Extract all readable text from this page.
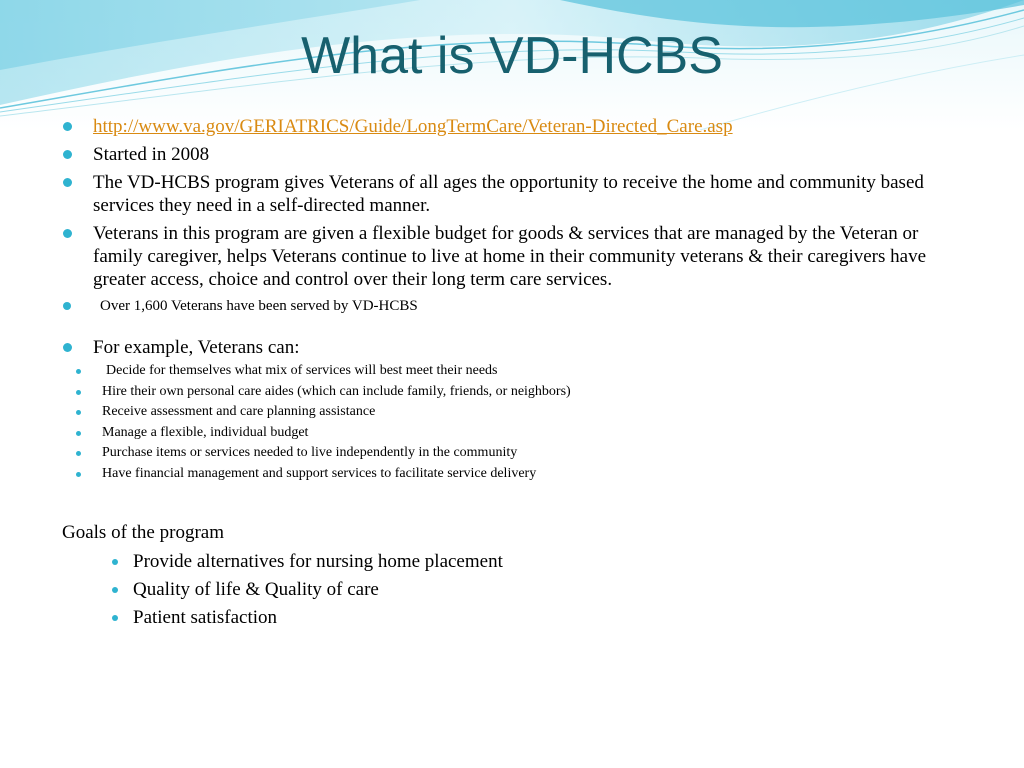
What is VD-HCBS
http://www.va.gov/GERIATRICS/Guide/LongTermCare/Veteran-Directed_Care.asp
Started in 2008
The VD-HCBS program gives Veterans of all ages the opportunity to receive the home and community based services they need in a self-directed manner.
Veterans in this program are given a flexible budget for goods & services that are managed by the Veteran or family caregiver, helps Veterans continue to live at home in their community veterans & their caregivers have greater access, choice and control over their long term care services.
Over 1,600 Veterans have been served by VD-HCBS
For example, Veterans can:
Decide for themselves what mix of services will best meet their needs
Hire their own personal care aides (which can include family, friends, or neighbors)
Receive assessment and care planning assistance
Manage a flexible, individual budget
Purchase items or services needed to live independently in the community
Have financial management and support services to facilitate service delivery
Goals of the program
Provide alternatives for nursing home placement
Quality of life & Quality of care
Patient satisfaction
